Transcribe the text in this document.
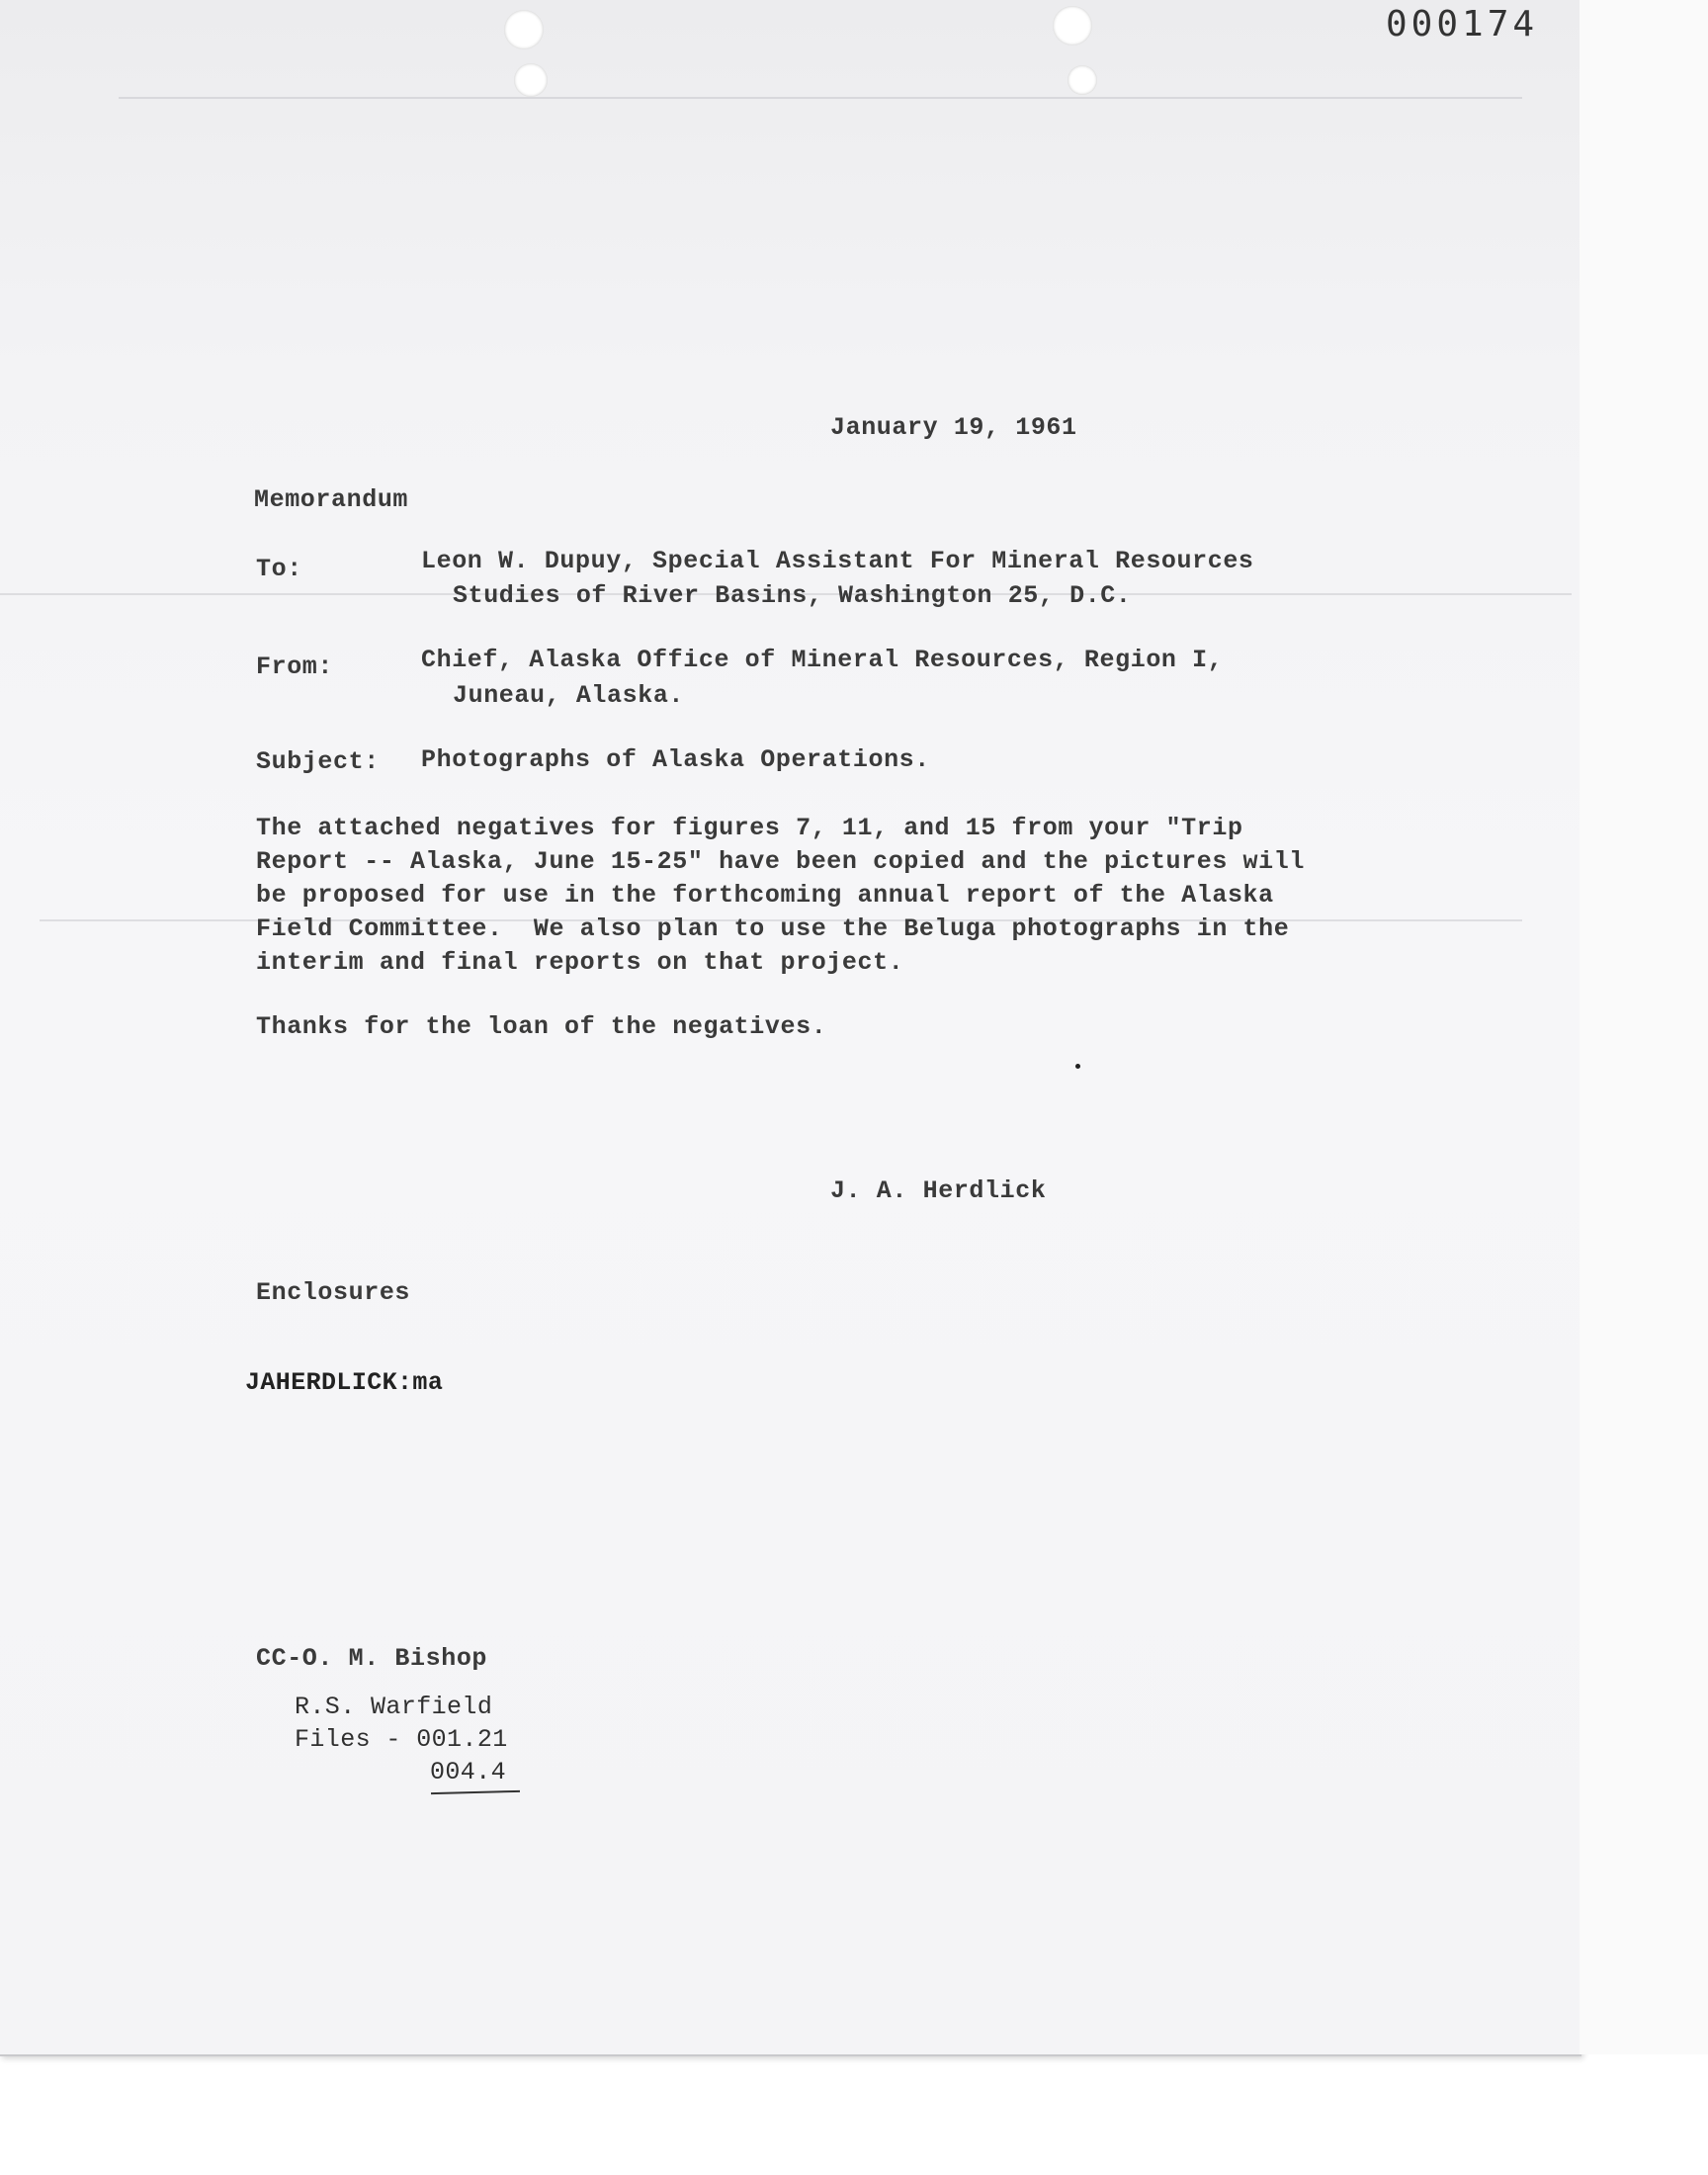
000174
January 19, 1961
Memorandum
To:	Leon W. Dupuy, Special Assistant For Mineral Resources
Studies of River Basins, Washington 25, D.C.
From:	Chief, Alaska Office of Mineral Resources, Region I,
Juneau, Alaska.
Subject: Photographs of Alaska Operations.
The attached negatives for figures 7, 11, and 15 from your "Trip
Report -- Alaska, June 15-25" have been copied and the pictures will
be proposed for use in the forthcoming annual report of the Alaska
Field Committee.  We also plan to use the Beluga photographs in the
interim and final reports on that project.
Thanks for the loan of the negatives.
J. A. Herdlick
Enclosures
JAHERDLICK:ma
CC-O. M. Bishop
R.S. Warfield
Files - 001.21
004.4
